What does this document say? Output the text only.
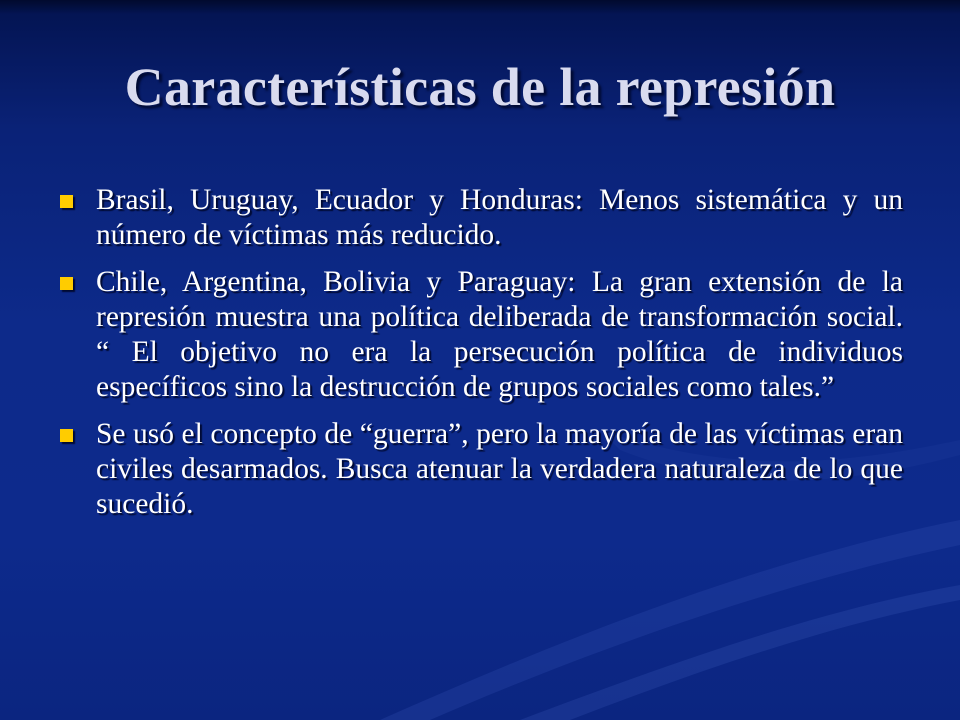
Características de la represión
Brasil, Uruguay, Ecuador y Honduras: Menos sistemática y un número de víctimas más reducido.
Chile, Argentina, Bolivia y Paraguay: La gran extensión de la represión muestra una política deliberada de transformación social. “ El objetivo no era la persecución política de individuos específicos sino la destrucción de grupos sociales como tales.”
Se usó el concepto de “guerra”, pero la mayoría de las víctimas eran civiles desarmados. Busca atenuar la verdadera naturaleza de lo que sucedió.
